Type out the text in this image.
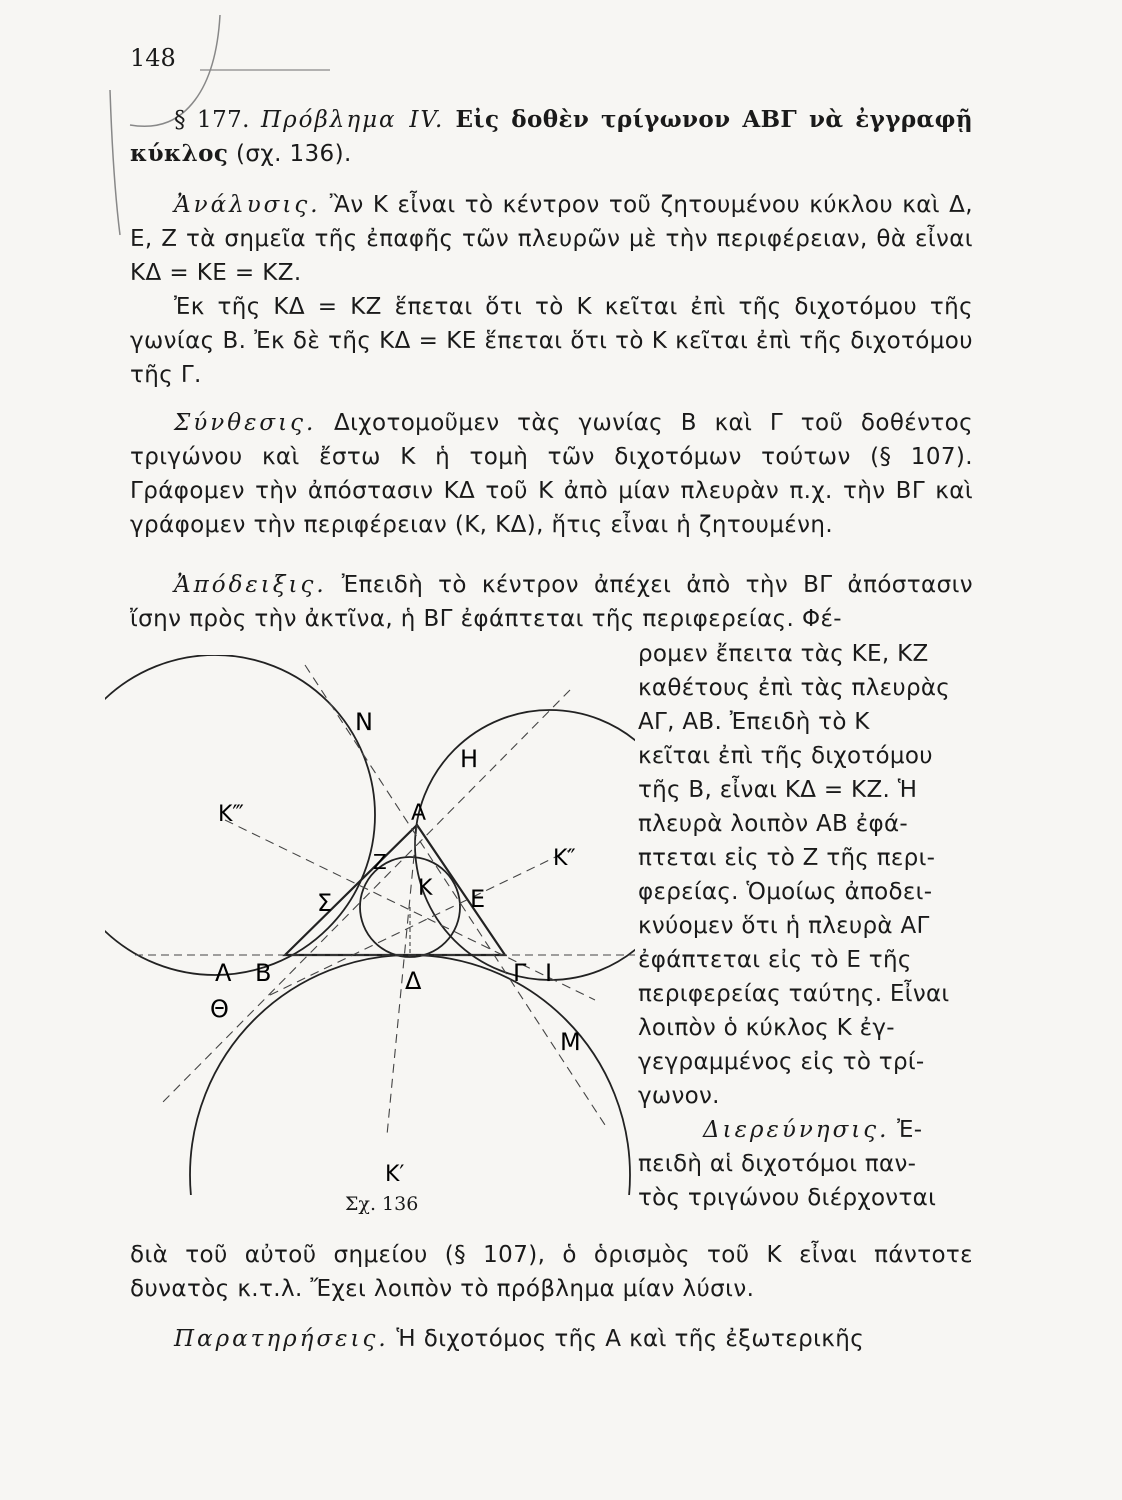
148
§ 177. Πρόβλημα IV. Εἰς δοθὲν τρίγωνον ΑΒΓ νὰ ἐγγραφῇ κύκλος (σχ. 136).
Ἀνάλυσις. Ἂν Κ εἶναι τὸ κέντρον τοῦ ζητουμένου κύκλου καὶ Δ, Ε, Ζ τὰ σημεῖα τῆς ἐπαφῆς τῶν πλευρῶν μὲ τὴν περιφέρειαν, θὰ εἶναι ΚΔ = ΚΕ = ΚΖ.
Ἐκ τῆς ΚΔ = ΚΖ ἕπεται ὅτι τὸ Κ κεῖται ἐπὶ τῆς διχοτόμου τῆς γωνίας Β. Ἐκ δὲ τῆς ΚΔ = ΚΕ ἕπεται ὅτι τὸ Κ κεῖται ἐπὶ τῆς διχοτόμου τῆς Γ.
Σύνθεσις. Διχοτομοῦμεν τὰς γωνίας Β καὶ Γ τοῦ δοθέντος τριγώνου καὶ ἔστω Κ ἡ τομὴ τῶν διχοτόμων τούτων (§ 107). Γράφομεν τὴν ἀπόστασιν ΚΔ τοῦ Κ ἀπὸ μίαν πλευρὰν π.χ. τὴν ΒΓ καὶ γράφομεν τὴν περιφέρειαν (Κ, ΚΔ), ἥτις εἶναι ἡ ζητουμένη.
Ἀπόδειξις. Ἐπειδὴ τὸ κέντρον ἀπέχει ἀπὸ τὴν ΒΓ ἀπόστασιν ἴσην πρὸς τὴν ἀκτῖνα, ἡ ΒΓ ἐφάπτεται τῆς περιφερείας. Φέ-
ρομεν ἔπειτα τὰς ΚΕ, ΚΖ
καθέτους ἐπὶ τὰς πλευρὰς
ΑΓ, ΑΒ. Ἐπειδὴ τὸ Κ
κεῖται ἐπὶ τῆς διχοτόμου
τῆς Β, εἶναι ΚΔ = ΚΖ. Ἡ
πλευρὰ λοιπὸν ΑΒ ἐφά-
πτεται εἰς τὸ Ζ τῆς περι-
φερείας. Ὁμοίως ἀποδει-
κνύομεν ὅτι ἡ πλευρὰ ΑΓ
ἐφάπτεται εἰς τὸ Ε τῆς
περιφερείας ταύτης. Εἶναι
λοιπὸν ὁ κύκλος Κ ἐγ-
γεγραμμένος εἰς τὸ τρί-
γωνον.
Διερεύνησις. Ἐ-
πειδὴ αἱ διχοτόμοι παν-
τὸς τριγώνου διέρχονται
διὰ τοῦ αὐτοῦ σημείου (§ 107), ὁ ὁρισμὸς τοῦ Κ εἶναι πάντοτε δυνατὸς κ.τ.λ. Ἔχει λοιπὸν τὸ πρόβλημα μίαν λύσιν.
Παρατηρήσεις. Ἡ διχοτόμος τῆς Α καὶ τῆς ἐξωτερικῆς
Ν
Η
K‴	Α
Ζ	K″
Σ
Κ Ε
Λ Β	Δ	Γ Ι
Θ
Μ
K′
Σχ. 136
